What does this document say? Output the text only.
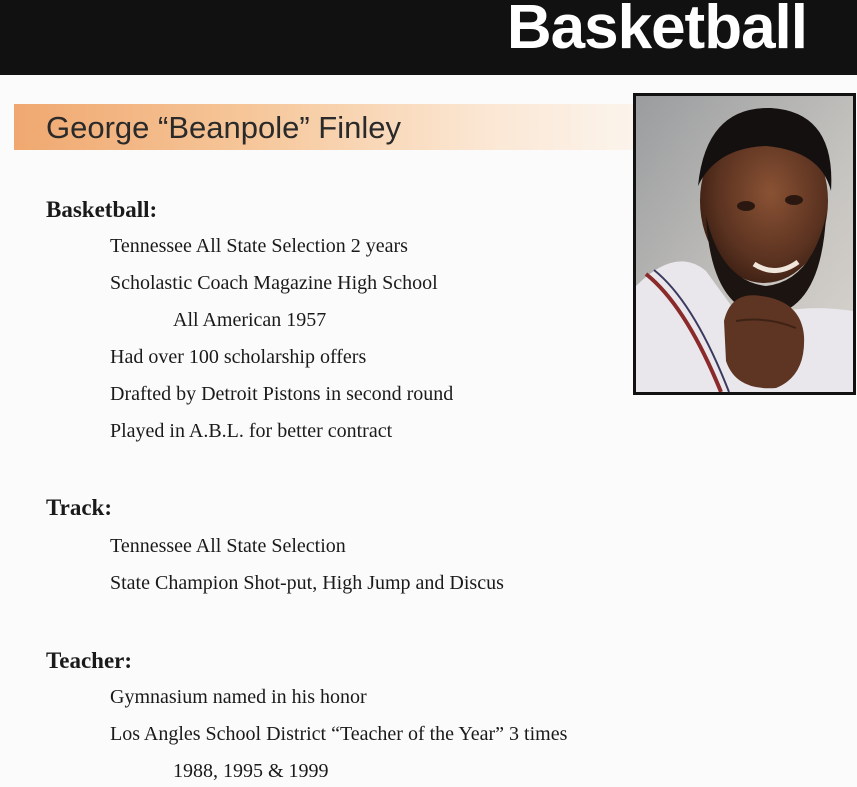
Basketball
George “Beanpole” Finley
Basketball:
Tennessee All State Selection 2 years
Scholastic Coach Magazine High School
All American 1957
Had over 100 scholarship offers
Drafted by Detroit Pistons in second round
Played in A.B.L. for better contract
Track:
Tennessee All State Selection
State Champion Shot-put, High Jump and Discus
Teacher:
Gymnasium named in his honor
Los Angles School District “Teacher of the Year” 3 times
1988, 1995 & 1999
